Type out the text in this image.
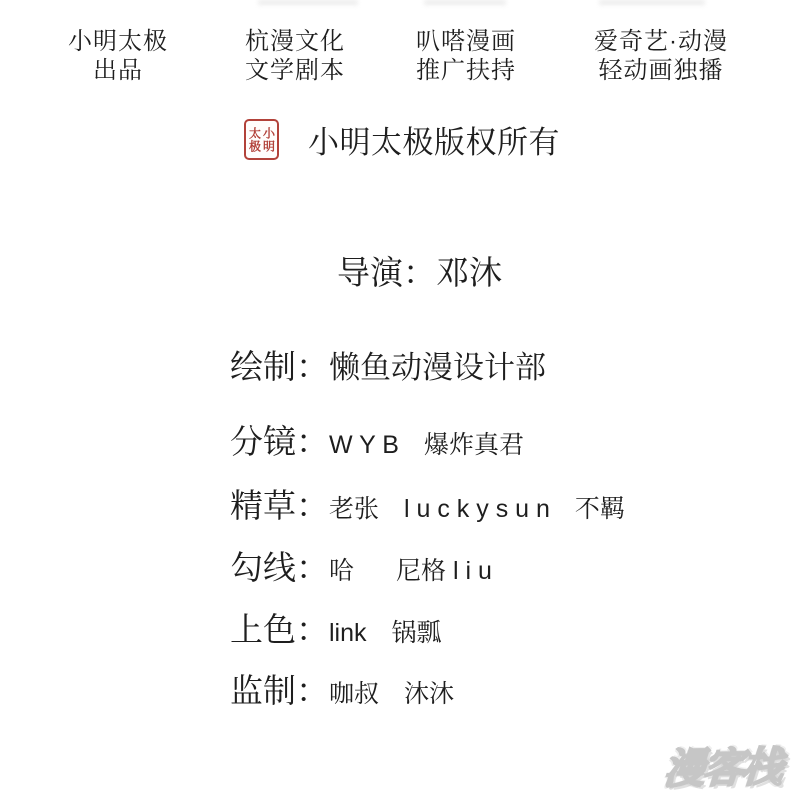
小明太极
出品
杭漫文化
文学剧本
叭嗒漫画
推广扶持
爱奇艺·动漫
轻动画独播
小明
太极 小明太极版权所有
导演： 邓沐
绘制： 懒鱼动漫设计部
分镜： W Y B 爆炸真君
精草： 老张 l u c k y s u n 不羁
勾线： 哈 尼格 l i u
上色： link 锅瓢
监制： 咖叔 沐沐
漫客栈
